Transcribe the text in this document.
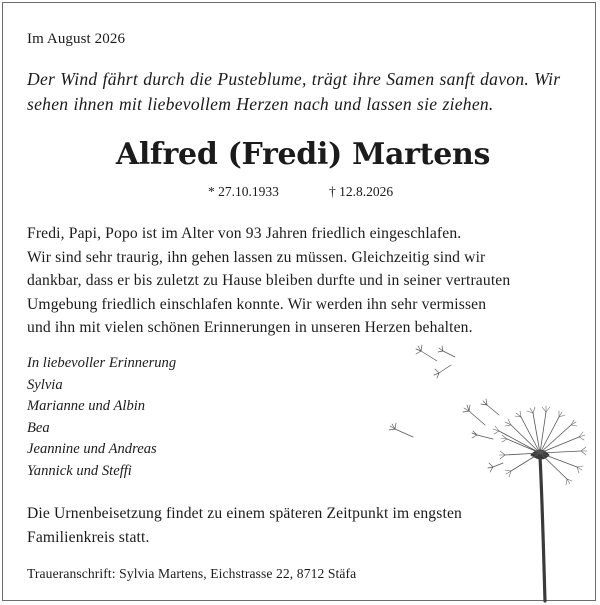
Im August 2026
Der Wind fährt durch die Pusteblume, trägt ihre Samen sanft davon. Wir
sehen ihnen mit liebevollem Herzen nach und lassen sie ziehen.
Alfred (Fredi) Martens
* 27.10.1933	† 12.8.2026
Fredi, Papi, Popo ist im Alter von 93 Jahren friedlich eingeschlafen.
Wir sind sehr traurig, ihn gehen lassen zu müssen. Gleichzeitig sind wir
dankbar, dass er bis zuletzt zu Hause bleiben durfte und in seiner vertrauten
Umgebung friedlich einschlafen konnte. Wir werden ihn sehr vermissen
und ihn mit vielen schönen Erinnerungen in unseren Herzen behalten.
In liebevoller Erinnerung
Sylvia
Marianne und Albin
Bea
Jeannine und Andreas
Yannick und Steffi
Die Urnenbeisetzung findet zu einem späteren Zeitpunkt im engsten
Familienkreis statt.
Traueranschrift: Sylvia Martens, Eichstrasse 22, 8712 Stäfa
